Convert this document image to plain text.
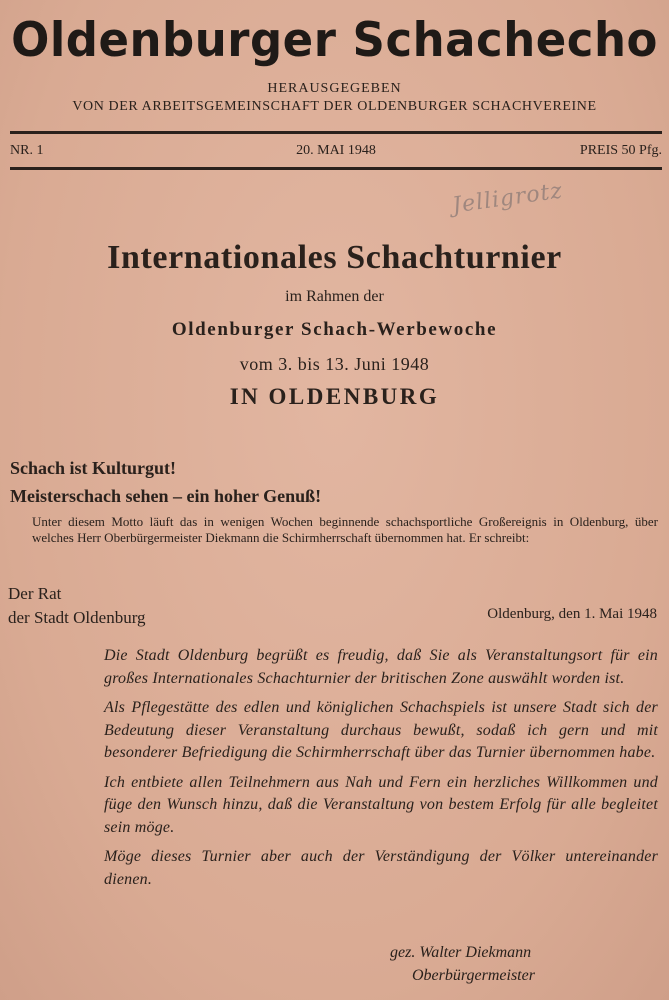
Oldenburger Schachecho
HERAUSGEGEBEN
VON DER ARBEITSGEMEINSCHAFT DER OLDENBURGER SCHACHVEREINE
NR. 1	20. MAI 1948	PREIS 50 Pfg.
Jelligrotz
Internationales Schachturnier
im Rahmen der
Oldenburger Schach-Werbewoche
vom 3. bis 13. Juni 1948
IN OLDENBURG
Schach ist Kulturgut!
Meisterschach sehen – ein hoher Genuß!
Unter diesem Motto läuft das in wenigen Wochen beginnende schachsportliche Großereignis in Oldenburg, über welches Herr Oberbürgermeister Diekmann die Schirmherrschaft übernommen hat. Er schreibt:
Der Rat
der Stadt Oldenburg	Oldenburg, den 1. Mai 1948

Die Stadt Oldenburg begrüßt es freudig, daß Sie als Veranstaltungsort für ein großes Internationales Schachturnier der britischen Zone auswählt worden ist.

Als Pflegestätte des edlen und königlichen Schachspiels ist unsere Stadt sich der Bedeutung dieser Veranstaltung durchaus bewußt, sodaß ich gern und mit besonderer Befriedigung die Schirmherrschaft über das Turnier übernommen habe.

Ich entbiete allen Teilnehmern aus Nah und Fern ein herzliches Willkommen und füge den Wunsch hinzu, daß die Veranstaltung von bestem Erfolg für alle begleitet sein möge.

Möge dieses Turnier aber auch der Verständigung der Völker untereinander dienen.

gez. Walter Diekmann
Oberbürgermeister
